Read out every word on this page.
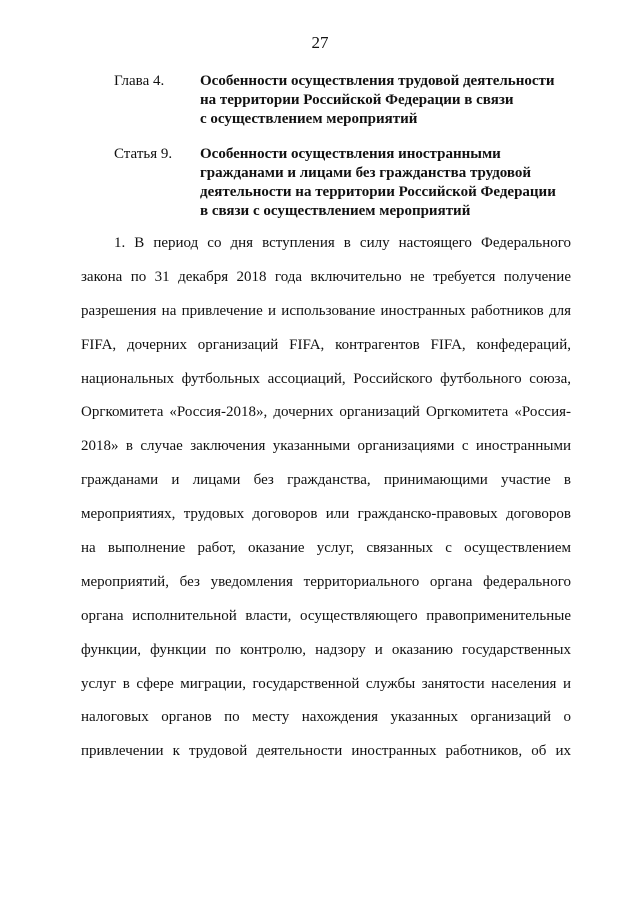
27
Глава 4.	Особенности осуществления трудовой деятельности
на территории Российской Федерации в связи
с осуществлением мероприятий
Статья 9.	Особенности осуществления иностранными
гражданами и лицами без гражданства трудовой
деятельности на территории Российской Федерации
в связи с осуществлением мероприятий
1. В период со дня вступления в силу настоящего Федерального
закона по 31 декабря 2018 года включительно не требуется получение
разрешения на привлечение и использование иностранных работников для
FIFA, дочерних организаций FIFA, контрагентов FIFA, конфедераций,
национальных футбольных ассоциаций, Российского футбольного союза,
Оргкомитета «Россия-2018», дочерних организаций Оргкомитета «Россия-
2018» в случае заключения указанными организациями с иностранными
гражданами и лицами без гражданства, принимающими участие в
мероприятиях, трудовых договоров или гражданско-правовых договоров
на выполнение работ, оказание услуг, связанных с осуществлением
мероприятий, без уведомления территориального органа федерального
органа исполнительной власти, осуществляющего правоприменительные
функции, функции по контролю, надзору и оказанию государственных
услуг в сфере миграции, государственной службы занятости населения и
налоговых органов по месту нахождения указанных организаций о
привлечении к трудовой деятельности иностранных работников, об их
